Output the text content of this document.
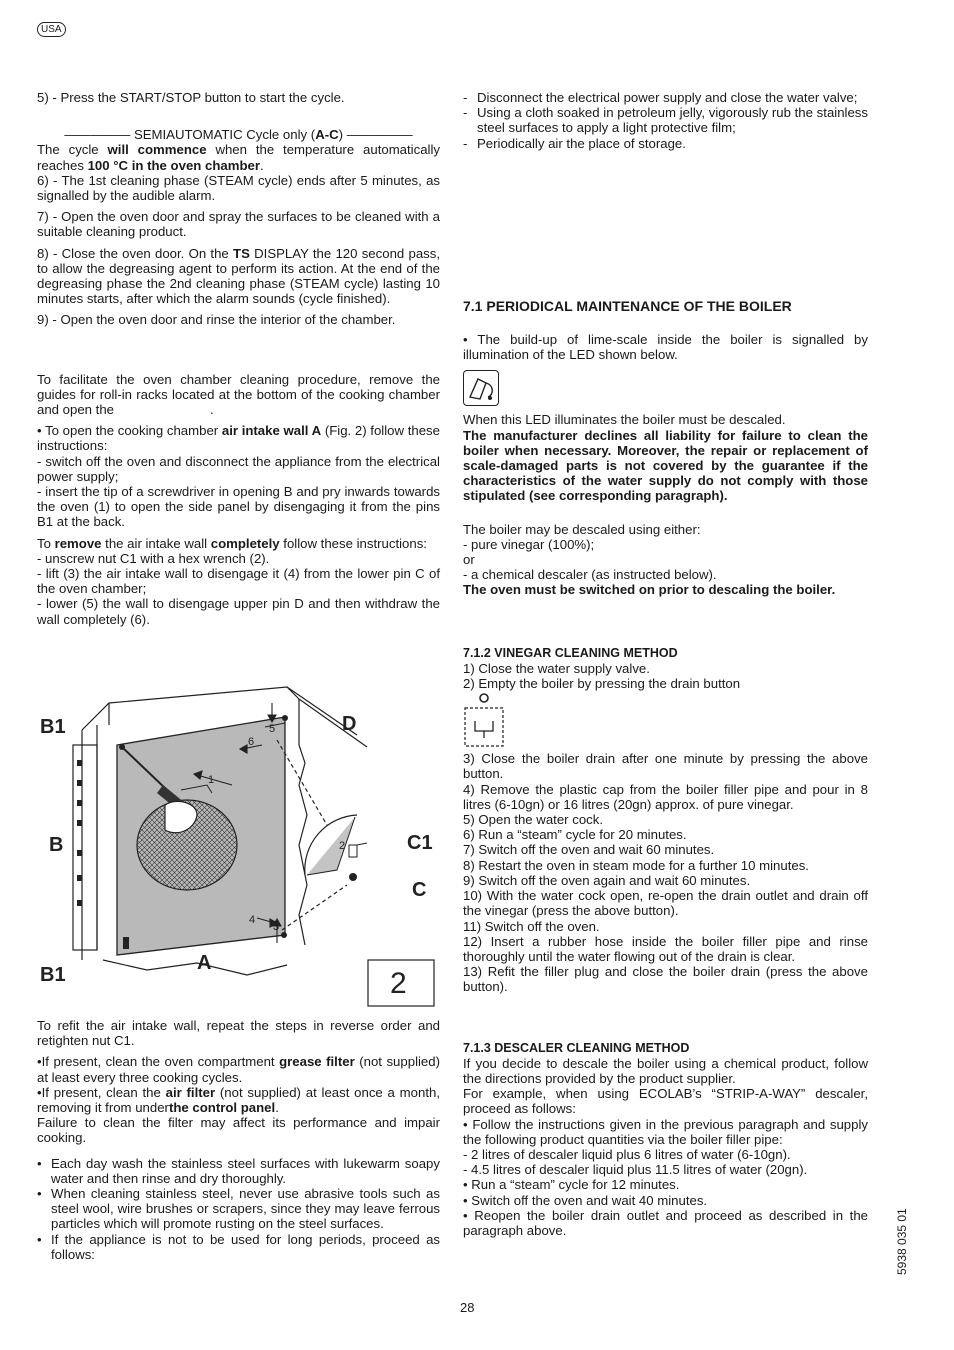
USA

5) - Press the START/STOP button to start the cycle.

————— SEMIAUTOMATIC Cycle only (A-C) —————

The cycle will commence when the temperature automatically reaches 100 °C in the oven chamber.

6) - The 1st cleaning phase (STEAM cycle) ends after 5 minutes, as signalled by the audible alarm.

7) - Open the oven door and spray the surfaces to be cleaned with a suitable cleaning product.

8) - Close the oven door. On the TS DISPLAY the 120 second pass, to allow the degreasing agent to perform its action. At the end of the degreasing phase the 2nd cleaning phase (STEAM cycle) lasting 10 minutes starts, after which the alarm sounds (cycle finished).

9) - Open the oven door and rinse the interior of the chamber.

To facilitate the oven chamber cleaning procedure, remove the guides for roll-in racks located at the bottom of the cooking chamber and open the	.

• To open the cooking chamber air intake wall A (Fig. 2) follow these instructions:

- switch off the oven and disconnect the appliance from the electrical power supply;

- insert the tip of a screwdriver in opening B and pry inwards towards the oven (1) to open the side panel by disengaging it from the pins B1 at the back.

To remove the air intake wall completely follow these instructions:

- unscrew nut C1 with a hex wrench (2).

- lift (3) the air intake wall to disengage it (4) from the lower pin C of the oven chamber;

- lower (5) the wall to disengage upper pin D and then withdraw the wall completely (6).

B1
B
B1
A
D
C1
C
1
2
3
4
5
6
2

To refit the air intake wall, repeat the steps in reverse order and retighten nut C1.

•If present, clean the oven compartment grease filter (not supplied) at least every three cooking cycles.

•If present, clean the air filter (not supplied) at least once a month, removing it from underthe control panel.

Failure to clean the filter may affect its performance and impair cooking.

• Each day wash the stainless steel surfaces with lukewarm soapy water and then rinse and dry thoroughly.
• When cleaning stainless steel, never use abrasive tools such as steel wool, wire brushes or scrapers, since they may leave ferrous particles which will promote rusting on the steel surfaces.
• If the appliance is not to be used for long periods, proceed as follows:
- Disconnect the electrical power supply and close the water valve;
- Using a cloth soaked in petroleum jelly, vigorously rub the stainless steel surfaces to apply a light protective film;
- Periodically air the place of storage.

7.1 PERIODICAL MAINTENANCE OF THE BOILER

• The build-up of lime-scale inside the boiler is signalled by illumination of the LED shown below.

When this LED illuminates the boiler must be descaled.

The manufacturer declines all liability for failure to clean the boiler when necessary. Moreover, the repair or replacement of scale-damaged parts is not covered by the guarantee if the characteristics of the water supply do not comply with those stipulated (see corresponding paragraph).

The boiler may be descaled using either:

- pure vinegar (100%);

or

- a chemical descaler (as instructed below).

The oven must be switched on prior to descaling the boiler.

7.1.2 VINEGAR CLEANING METHOD

1) Close the water supply valve.

2) Empty the boiler by pressing the drain button

3) Close the boiler drain after one minute by pressing the above button.

4) Remove the plastic cap from the boiler filler pipe and pour in 8 litres (6-10gn) or 16 litres (20gn) approx. of pure vinegar.

5) Open the water cock.

6) Run a “steam” cycle for 20 minutes.

7) Switch off the oven and wait 60 minutes.

8) Restart the oven in steam mode for a further 10 minutes.

9) Switch off the oven again and wait 60 minutes.

10) With the water cock open, re-open the drain outlet and drain off the vinegar (press the above button).

11) Switch off the oven.

12) Insert a rubber hose inside the boiler filler pipe and rinse thoroughly until the water flowing out of the drain is clear.

13) Refit the filler plug and close the boiler drain (press the above button).

7.1.3 DESCALER CLEANING METHOD

If you decide to descale the boiler using a chemical product, follow the directions provided by the product supplier.

For example, when using ECOLAB’s “STRIP-A-WAY” descaler, proceed as follows:

• Follow the instructions given in the previous paragraph and supply the following product quantities via the boiler filler pipe:

- 2 litres of descaler liquid plus 6 litres of water (6-10gn).

- 4.5 litres of descaler liquid plus 11.5 litres of water (20gn).

• Run a “steam” cycle for 12 minutes.

• Switch off the oven and wait 40 minutes.

• Reopen the boiler drain outlet and proceed as described in the paragraph above.

28
5938 035 01
